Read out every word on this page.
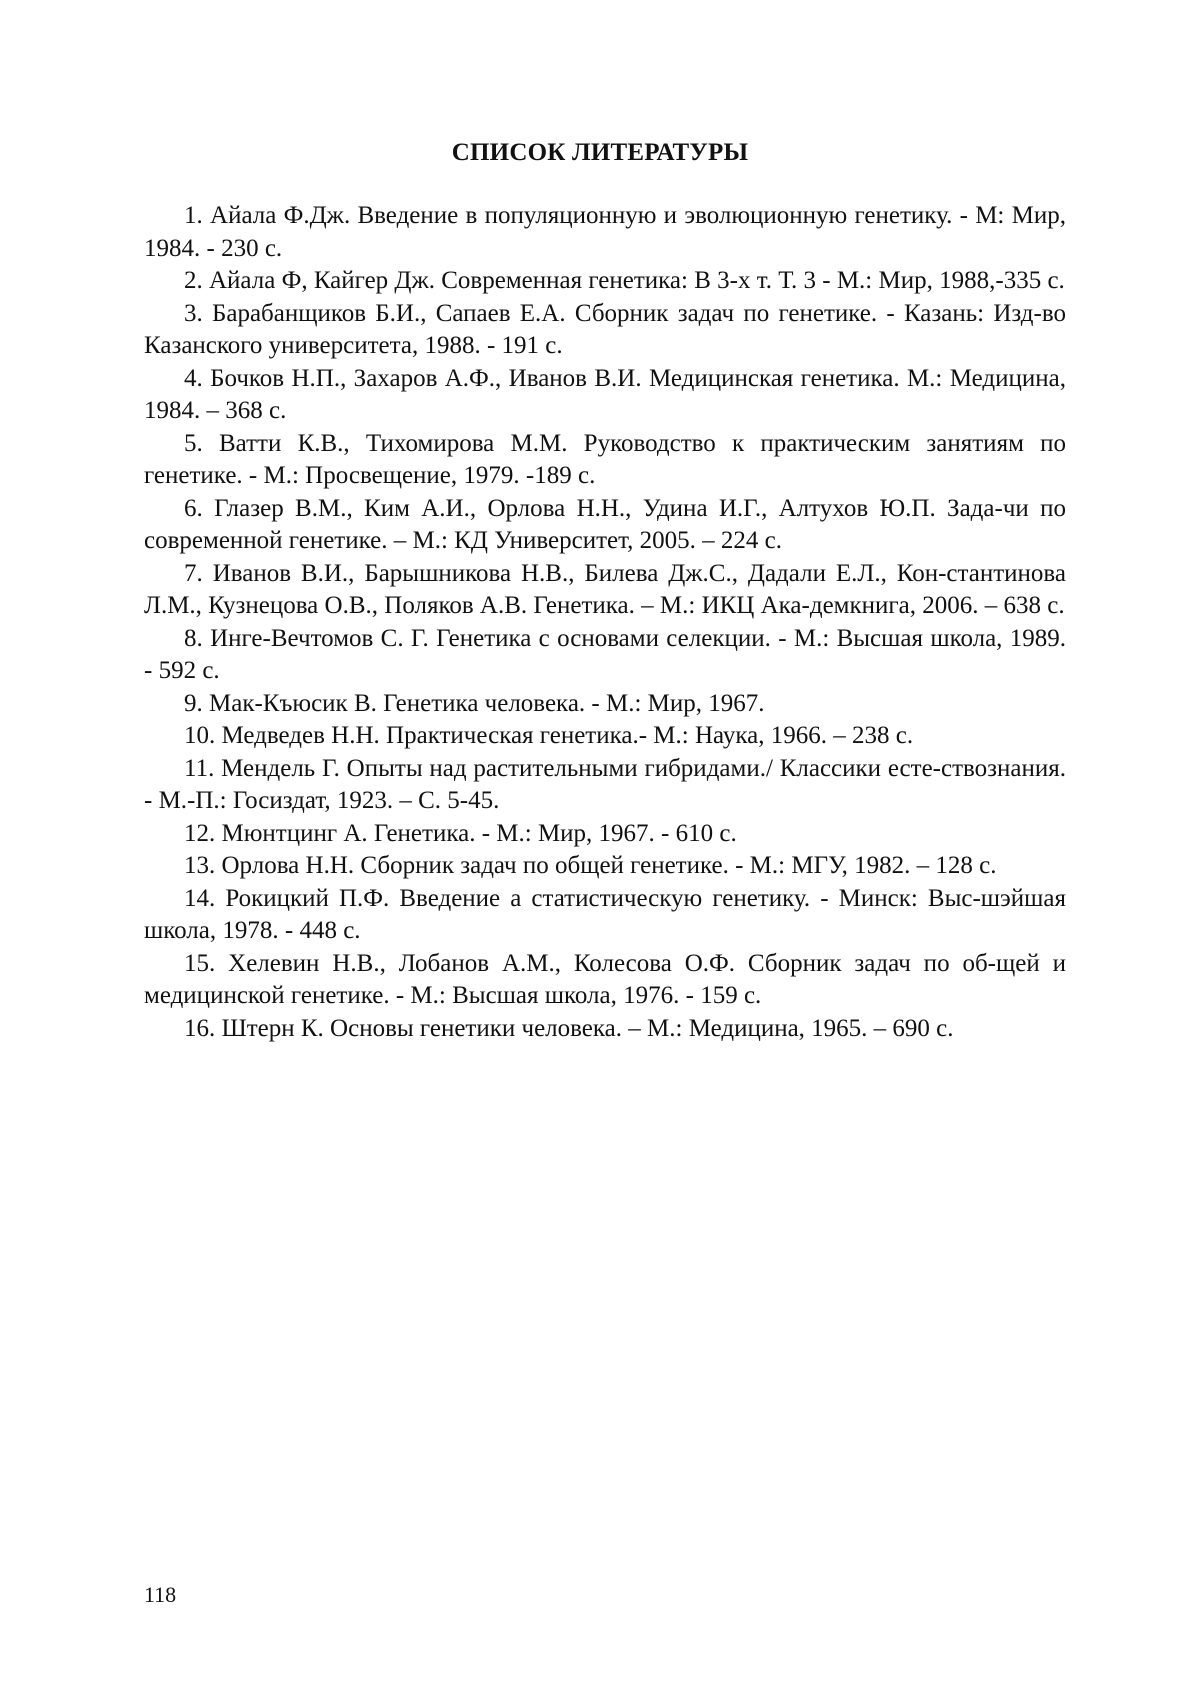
СПИСОК ЛИТЕРАТУРЫ
1. Айала Ф.Дж. Введение в популяционную и эволюционную генетику. - М: Мир, 1984. - 230 с.
2. Айала Ф, Кайгер Дж. Современная генетика: В 3-х т. Т. 3 - М.: Мир, 1988,-335 с.
3. Барабанщиков Б.И., Сапаев Е.А. Сборник задач по генетике. - Казань: Изд-во Казанского университета, 1988. - 191 с.
4. Бочков Н.П., Захаров А.Ф., Иванов В.И. Медицинская генетика. М.: Медицина, 1984. – 368 с.
5. Ватти К.В., Тихомирова М.М. Руководство к практическим занятиям по генетике. - М.: Просвещение, 1979. -189 с.
6. Глазер В.М., Ким А.И., Орлова Н.Н., Удина И.Г., Алтухов Ю.П. Зада-чи по современной генетике. – М.: КД Университет, 2005. – 224 с.
7. Иванов В.И., Барышникова Н.В., Билева Дж.С., Дадали Е.Л., Кон-стантинова Л.М., Кузнецова О.В., Поляков А.В. Генетика. – М.: ИКЦ Ака-демкнига, 2006. – 638 с.
8. Инге-Вечтомов С. Г. Генетика с основами селекции. - М.: Высшая школа, 1989. - 592 с.
9. Мак-Къюсик В. Генетика человека. - М.: Мир, 1967.
10. Медведев Н.Н. Практическая генетика.- М.: Наука, 1966. – 238 с.
11. Мендель Г. Опыты над растительными гибридами./ Классики есте-ствознания. - М.-П.: Госиздат, 1923. – С. 5-45.
12. Мюнтцинг А. Генетика. - М.: Мир, 1967. - 610 с.
13. Орлова Н.Н. Сборник задач по общей генетике. - М.: МГУ, 1982. – 128 с.
14. Рокицкий П.Ф. Введение а статистическую генетику. - Минск: Выс-шэйшая школа, 1978. - 448 с.
15. Хелевин Н.В., Лобанов А.М., Колесова О.Ф. Сборник задач по об-щей и медицинской генетике. - М.: Высшая школа, 1976. - 159 с.
16. Штерн К. Основы генетики человека. – М.: Медицина, 1965. – 690 с.
118
